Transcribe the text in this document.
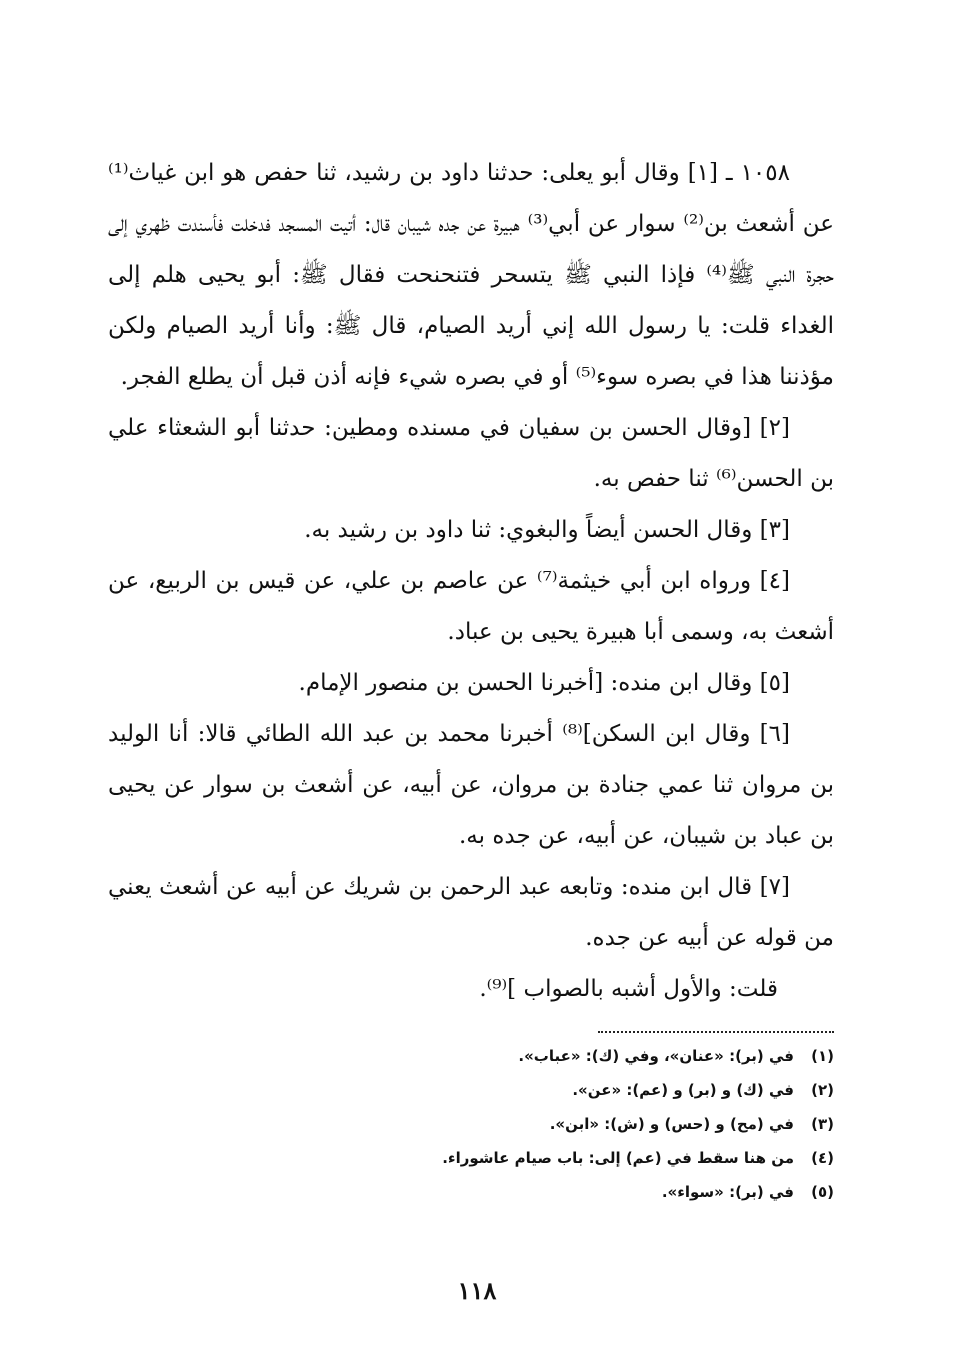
١٠٥٨ ـ [١] وقال أبو يعلى: حدثنا داود بن رشيد، ثنا حفص هو ابن غياث⁽¹⁾ عن أشعث بن⁽²⁾ سوار عن أبي⁽³⁾ هبيرة عن جده شيبان قال: أتيت المسجد فدخلت فأسندت ظهري إلى حجرة النبي ﷺ⁽⁴⁾ فإذا النبي ﷺ يتسحر فتنحنحت فقال ﷺ: أبو يحيى هلم إلى الغداء قلت: يا رسول الله إني أريد الصيام، قال ﷺ: وأنا أريد الصيام ولكن مؤذننا هذا في بصره سوء⁽⁵⁾ أو في بصره شيء فإنه أذن قبل أن يطلع الفجر.

[٢] [وقال الحسن بن سفيان في مسنده ومطين: حدثنا أبو الشعثاء علي بن الحسن⁽⁶⁾ ثنا حفص به.

[٣] وقال الحسن أيضاً والبغوي: ثنا داود بن رشيد به.

[٤] ورواه ابن أبي خيثمة⁽⁷⁾ عن عاصم بن علي، عن قيس بن الربيع، عن أشعث به، وسمى أبا هبيرة يحيى بن عباد.

[٥] وقال ابن منده: [أخبرنا الحسن بن منصور الإمام.

[٦] وقال ابن السكن]⁽⁸⁾ أخبرنا محمد بن عبد الله الطائي قالا: أنا الوليد بن مروان ثنا عمي جنادة بن مروان، عن أبيه، عن أشعث بن سوار عن يحيى بن عباد بن شيبان، عن أبيه، عن جده به.

[٧] قال ابن منده: وتابعه عبد الرحمن بن شريك عن أبيه عن أشعث يعني من قوله عن أبيه عن جده.

قلت: والأول أشبه بالصواب ]⁽⁹⁾.

(١)
في (بر): «عنان»، وفي (ك): «عباب».
(٢)
في (ك) و (بر) و (عم): «عن».
(٣)
في (مح) و (حس) و (ش): «ابن».
(٤)
من هنا سقط في (عم) إلى: باب صيام عاشوراء.
(٥)
في (بر): «سواء».
١١٨
